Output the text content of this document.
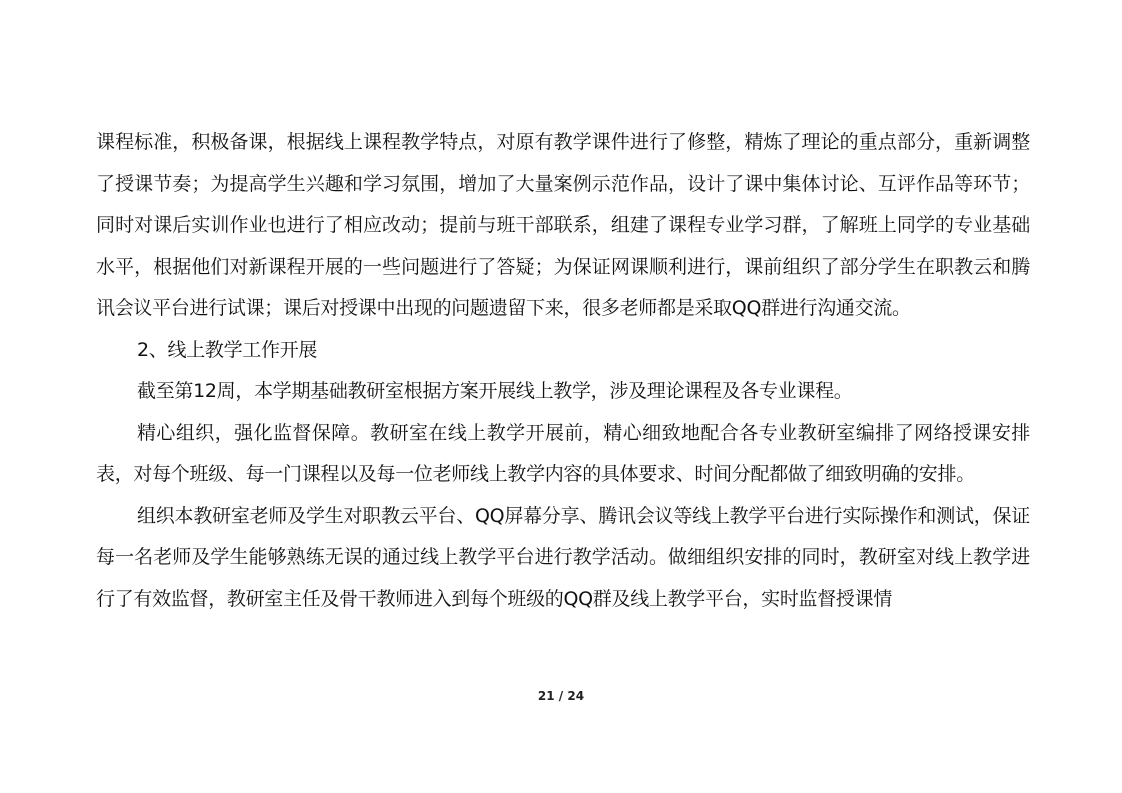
课程标准，积极备课，根据线上课程教学特点，对原有教学课件进行了修整，精炼了理论的重点部分，重新调整了授课节奏；为提高学生兴趣和学习氛围，增加了大量案例示范作品，设计了课中集体讨论、互评作品等环节；同时对课后实训作业也进行了相应改动；提前与班干部联系，组建了课程专业学习群，了解班上同学的专业基础水平，根据他们对新课程开展的一些问题进行了答疑；为保证网课顺利进行，课前组织了部分学生在职教云和腾讯会议平台进行试课；课后对授课中出现的问题遗留下来，很多老师都是采取QQ群进行沟通交流。

2、线上教学工作开展

截至第12周，本学期基础教研室根据方案开展线上教学，涉及理论课程及各专业课程。

精心组织，强化监督保障。教研室在线上教学开展前，精心细致地配合各专业教研室编排了网络授课安排表，对每个班级、每一门课程以及每一位老师线上教学内容的具体要求、时间分配都做了细致明确的安排。

组织本教研室老师及学生对职教云平台、QQ屏幕分享、腾讯会议等线上教学平台进行实际操作和测试，保证每一名老师及学生能够熟练无误的通过线上教学平台进行教学活动。做细组织安排的同时，教研室对线上教学进行了有效监督，教研室主任及骨干教师进入到每个班级的QQ群及线上教学平台，实时监督授课情

21 / 24
